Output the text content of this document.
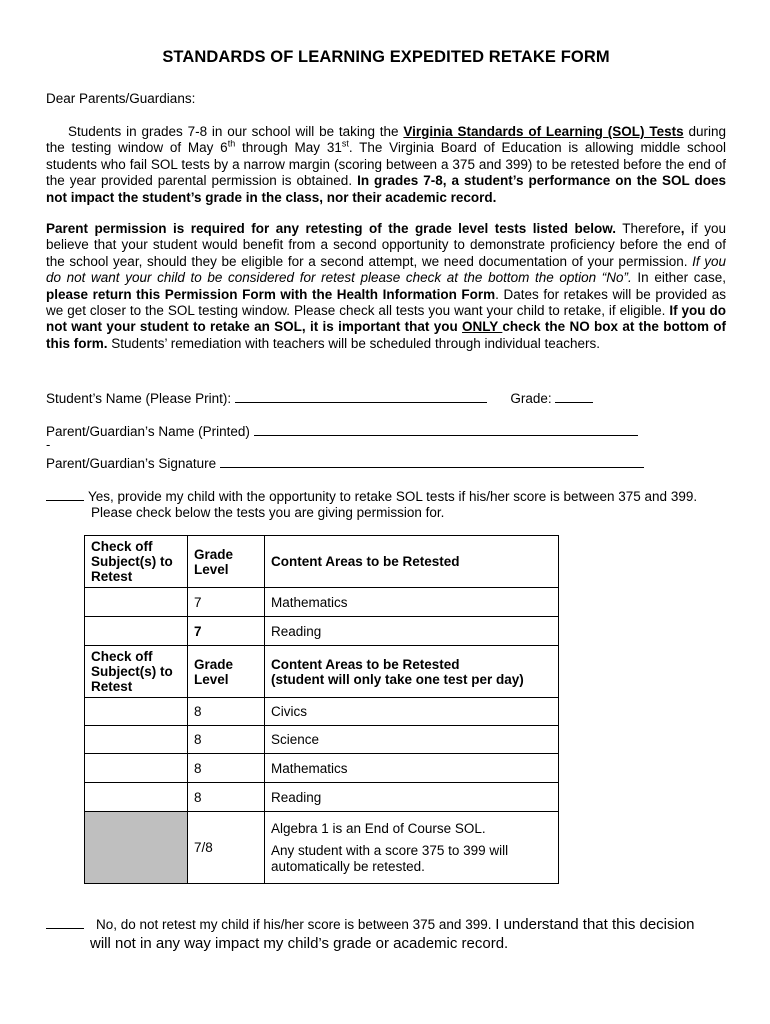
STANDARDS OF LEARNING EXPEDITED RETAKE FORM
Dear Parents/Guardians:
Students in grades 7-8 in our school will be taking the Virginia Standards of Learning (SOL) Tests during the testing window of May 6th through May 31st. The Virginia Board of Education is allowing middle school students who fail SOL tests by a narrow margin (scoring between a 375 and 399) to be retested before the end of the year provided parental permission is obtained. In grades 7-8, a student’s performance on the SOL does not impact the student’s grade in the class, nor their academic record.
Parent permission is required for any retesting of the grade level tests listed below. Therefore, if you believe that your student would benefit from a second opportunity to demonstrate proficiency before the end of the school year, should they be eligible for a second attempt, we need documentation of your permission. If you do not want your child to be considered for retest please check at the bottom the option “No”. In either case, please return this Permission Form with the Health Information Form. Dates for retakes will be provided as we get closer to the SOL testing window. Please check all tests you want your child to retake, if eligible. If you do not want your student to retake an SOL, it is important that you ONLY check the NO box at the bottom of this form. Students’ remediation with teachers will be scheduled through individual teachers.
Student’s Name (Please Print):	Grade:
Parent/Guardian’s Name (Printed)
-
Parent/Guardian’s Signature
Yes, provide my child with the opportunity to retake SOL tests if his/her score is between 375 and 399.
Please check below the tests you are giving permission for.
No, do not retest my child if his/her score is between 375 and 399. I understand that this decision
will not in any way impact my child’s grade or academic record.
Check off Subject(s) to Retest	Grade Level	Content Areas to be Retested
	7	Mathematics
	7	Reading
Check off Subject(s) to Retest	Grade Level	Content Areas to be Retested
(student will only take one test per day)
	8	Civics
	8	Science
	8	Mathematics
	8	Reading
	7/8	Algebra 1 is an End of Course SOL.
Any student with a score 375 to 399 will automatically be retested.
